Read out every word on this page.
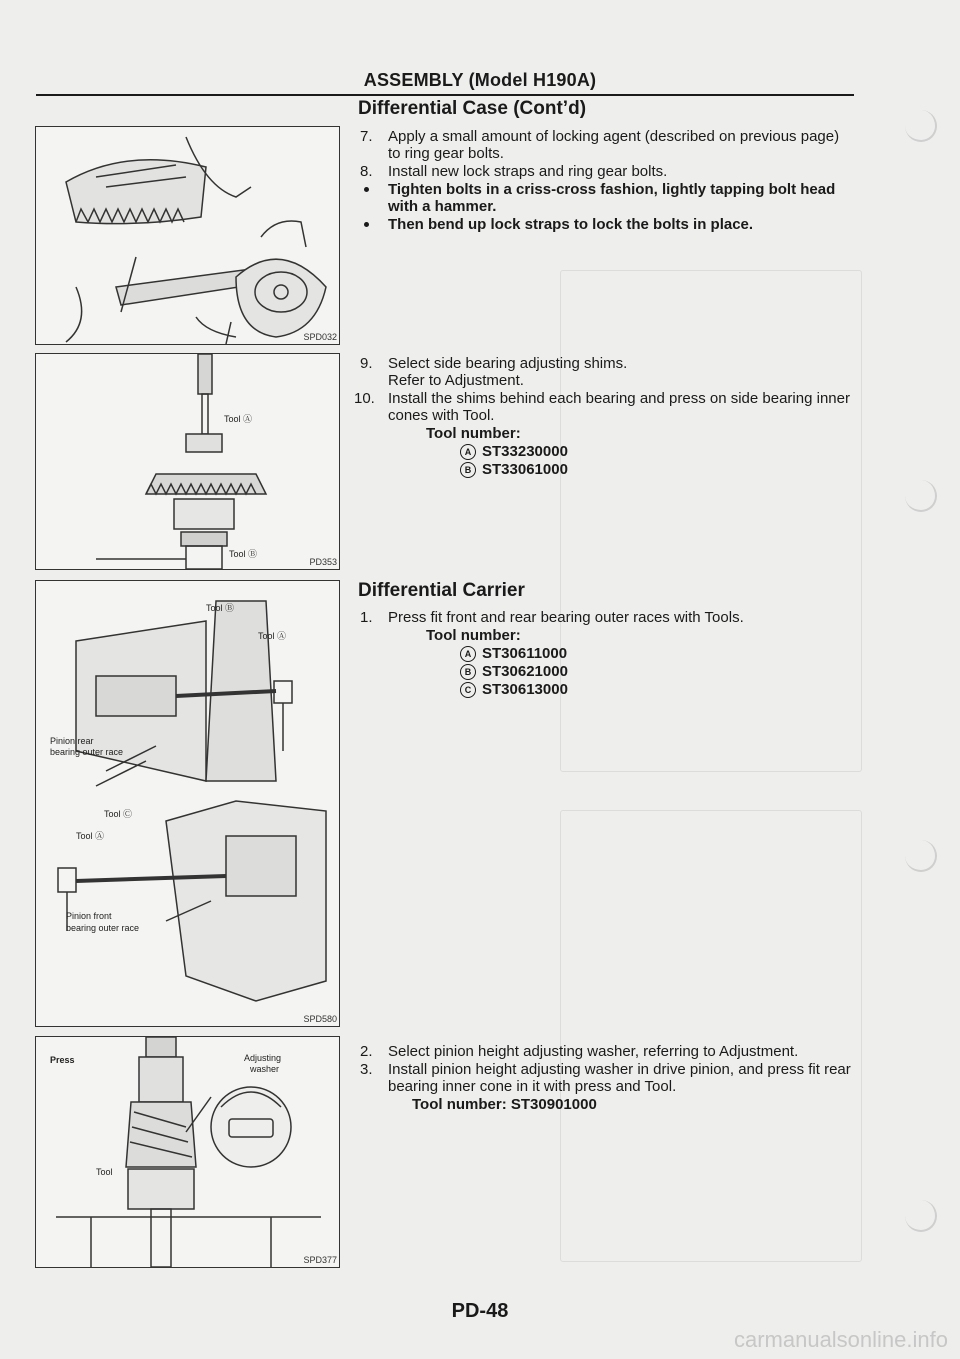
ASSEMBLY (Model H190A)
Differential Case (Cont’d)
SPD032
Tool Ⓐ
Tool Ⓑ
PD353
Tool Ⓑ
Tool Ⓐ
Pinion rear
bearing outer race
Tool Ⓒ
Tool Ⓐ
Pinion front
bearing outer race
SPD580
Press	Adjusting
washer
Tool
SPD377
7. Apply a small amount of locking agent (described on previous page) to ring gear bolts.
8. Install new lock straps and ring gear bolts.
Tighten bolts in a criss-cross fashion, lightly tapping bolt head with a hammer.
Then bend up lock straps to lock the bolts in place.
9. Select side bearing adjusting shims.
Refer to Adjustment.
10. Install the shims behind each bearing and press on side bearing inner cones with Tool.
Tool number:
A ST33230000
B ST33061000
Differential Carrier
1. Press fit front and rear bearing outer races with Tools.
Tool number:
A ST30611000
B ST30621000
C ST30613000
2. Select pinion height adjusting washer, referring to Adjustment.
3. Install pinion height adjusting washer in drive pinion, and press fit rear bearing inner cone in it with press and Tool.
Tool number: ST30901000
PD-48
carmanualsonline.info
